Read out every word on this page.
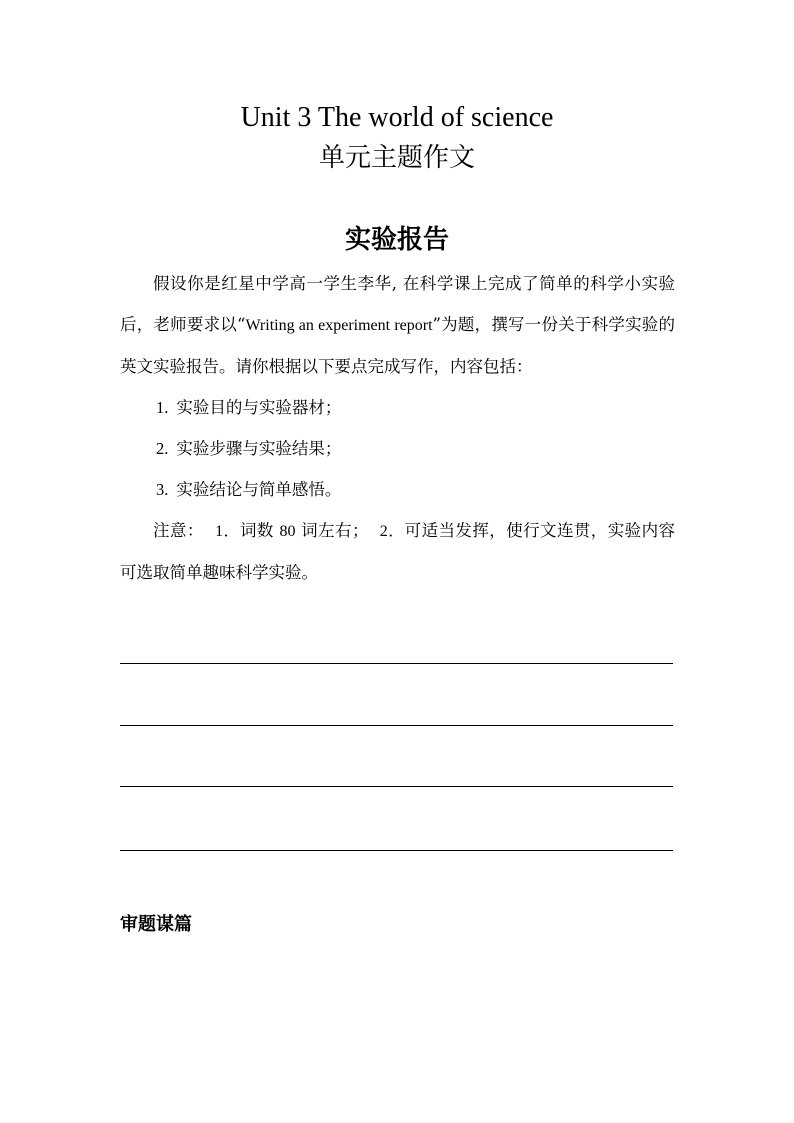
Unit 3 The world of science
单元主题作文
实验报告

假设你是红星中学高一学生李华, 在科学课上完成了简单的科学小实验后，老师要求以“Writing an experiment report”为题，撰写一份关于科学实验的英文实验报告。请你根据以下要点完成写作，内容包括：

1. 实验目的与实验器材；
2. 实验步骤与实验结果；
3. 实验结论与简单感悟。

注意： 1．词数 80 词左右； 2．可适当发挥，使行文连贯，实验内容可选取简单趣味科学实验。

审题谋篇
